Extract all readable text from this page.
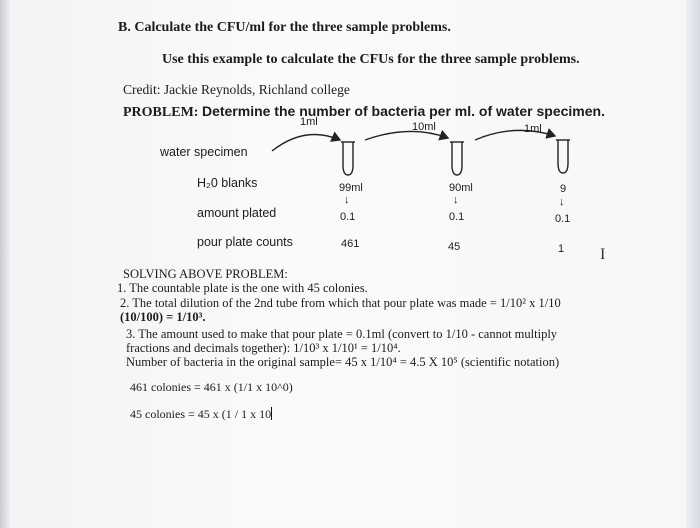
B. Calculate the CFU/ml for the three sample problems.
Use this example to calculate the CFUs for the three sample problems.
Credit: Jackie Reynolds, Richland college
PROBLEM: Determine the number of bacteria per ml. of water specimen.
1ml	10ml	1ml
water specimen
H₂0 blanks
amount plated
pour plate counts
99ml
↓
0.1
461
90ml
↓
0.1
45
9
↓
0.1
1 I
SOLVING ABOVE PROBLEM:
1. The countable plate is the one with 45 colonies.
2. The total dilution of the 2nd tube from which that pour plate was made = 1/10² x 1/10
(10/100) = 1/10³.
3. The amount used to make that pour plate = 0.1ml (convert to 1/10 - cannot multiply
fractions and decimals together): 1/10³ x 1/10¹ = 1/10⁴.
Number of bacteria in the original sample= 45 x 1/10⁴ = 4.5 X 10⁵ (scientific notation)
461 colonies = 461 x (1/1 x 10^0)
45 colonies = 45 x (1 / 1 x 10
